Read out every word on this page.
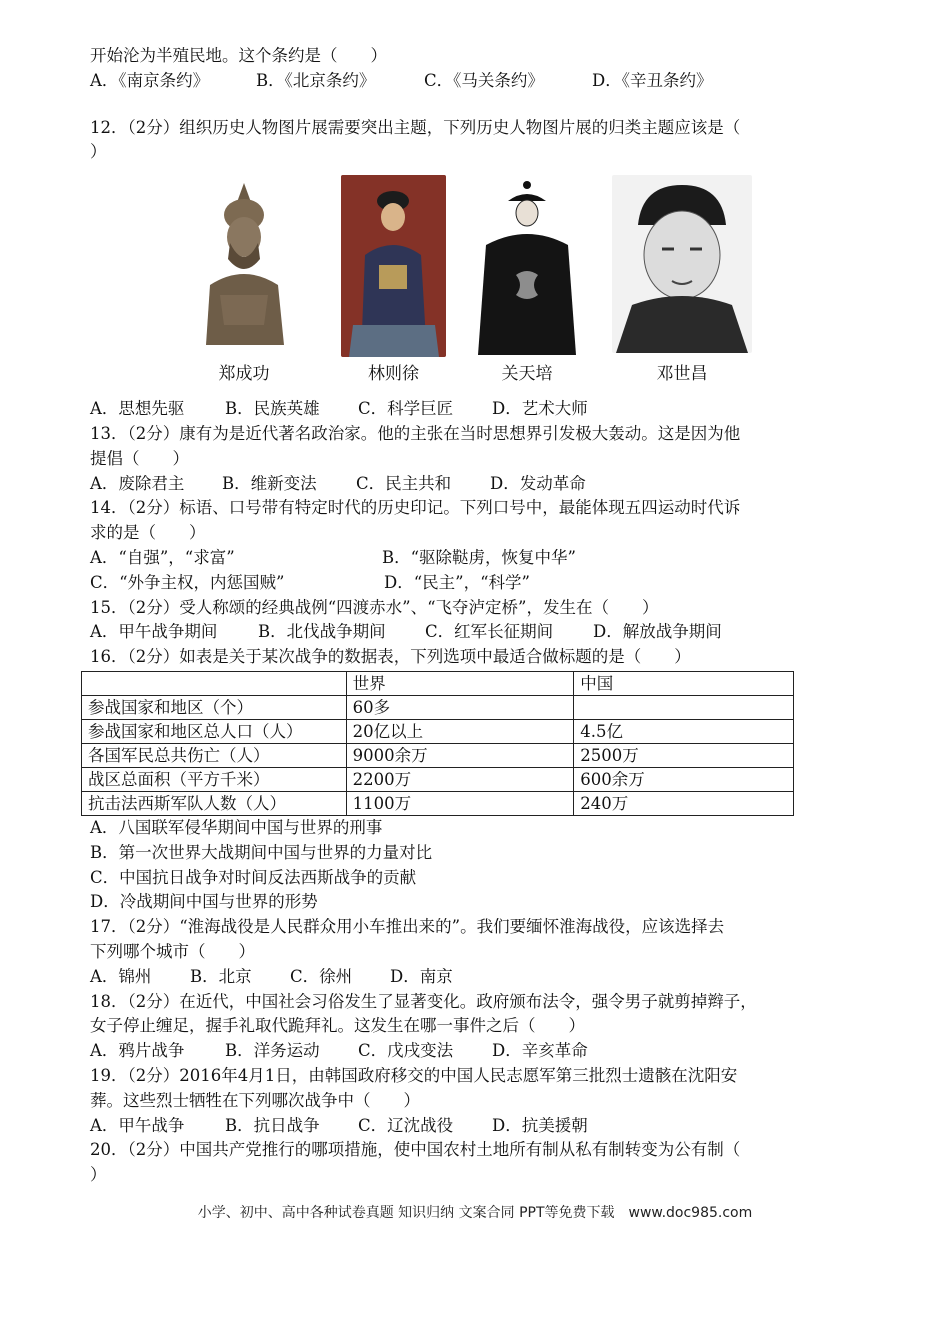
开始沦为半殖民地。这个条约是（　　）
A．《南京条约》	B．《北京条约》	C．《马关条约》	D．《辛丑条约》
12．（2分）组织历史人物图片展需要突出主题，下列历史人物图片展的归类主题应该是（
）
郑成功	林则徐	关天培	邓世昌
A．思想先驱 B．民族英雄 C．科学巨匠 D．艺术大师
13．（2分）康有为是近代著名政治家。他的主张在当时思想界引发极大轰动。这是因为他
提倡（　　）
A．废除君主 B．维新变法 C．民主共和 D．发动革命
14．（2分）标语、口号带有特定时代的历史印记。下列口号中，最能体现五四运动时代诉
求的是（　　）
A．“自强”，“求富”	B．“驱除鞑虏，恢复中华”
C．“外争主权，内惩国贼”	D．“民主”，“科学”
15．（2分）受人称颂的经典战例“四渡赤水”、“飞夺泸定桥”，发生在（　　）
A．甲午战争期间 B．北伐战争期间 C．红军长征期间 D．解放战争期间
16．（2分）如表是关于某次战争的数据表，下列选项中最适合做标题的是（　　）
	世界	中国
参战国家和地区（个）	60多	
参战国家和地区总人口（人）	20亿以上	4.5亿
各国军民总共伤亡（人）	9000余万	2500万
战区总面积（平方千米）	2200万	600余万
抗击法西斯军队人数（人）	1100万	240万
A．八国联军侵华期间中国与世界的刑事
B．第一次世界大战期间中国与世界的力量对比
C．中国抗日战争对时间反法西斯战争的贡献
D．冷战期间中国与世界的形势
17．（2分）“淮海战役是人民群众用小车推出来的”。我们要缅怀淮海战役，应该选择去
下列哪个城市（　　）
A．锦州 B．北京 C．徐州 D．南京
18．（2分）在近代，中国社会习俗发生了显著变化。政府颁布法令，强令男子就剪掉辫子，
女子停止缠足，握手礼取代跪拜礼。这发生在哪一事件之后（　　）
A．鸦片战争 B．洋务运动 C．戊戌变法 D．辛亥革命
19．（2分）2016年4月1日，由韩国政府移交的中国人民志愿军第三批烈士遗骸在沈阳安
葬。这些烈士牺牲在下列哪次战争中（　　）
A．甲午战争 B．抗日战争 C．辽沈战役 D．抗美援朝
20．（2分）中国共产党推行的哪项措施，使中国农村土地所有制从私有制转变为公有制（
）
小学、初中、高中各种试卷真题 知识归纳 文案合同 PPT等免费下载　www.doc985.com
